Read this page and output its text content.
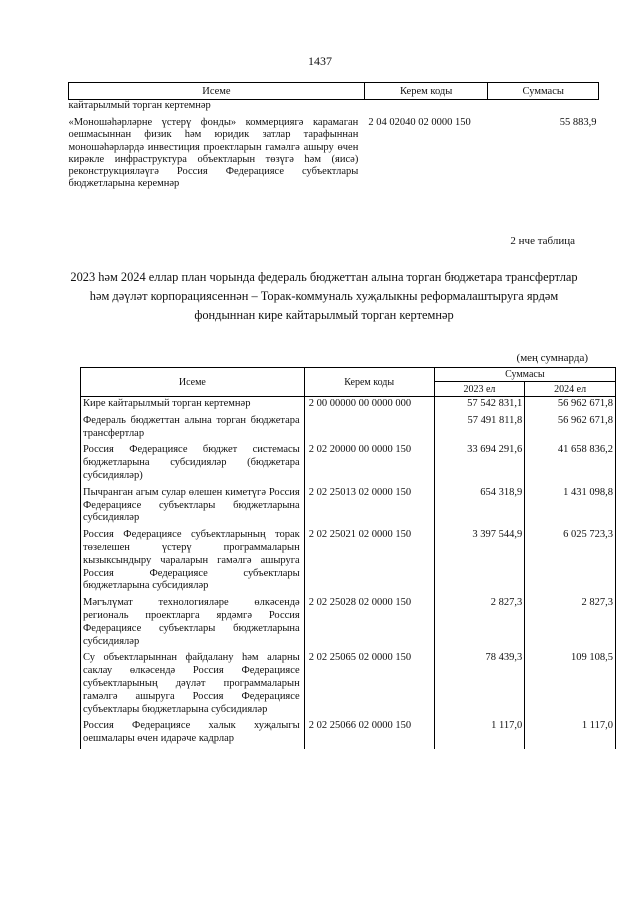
1437
Исеме	Керем коды	Суммасы
кайтарылмый торган кертемнәр		
«Моношәһәрләрне үстерү фонды» коммерциягә карамаган оешмасыннан физик һәм юридик затлар тарафыннан моношәһәрләрдә инвестиция проектларын гамәлгә ашыру өчен кирәкле инфраструктура объектларын төзүгә һәм (яисә) реконструкцияләүгә Россия Федерациясе субъектлары бюджетларына керемнәр	2 04 02040 02 0000 150	55 883,9
2 нче таблица
2023 һәм 2024 еллар план чорында федераль бюджеттан алына торган бюджетара трансфертлар һәм дәүләт корпорациясеннән – Торак-коммуналь хуҗалыкны реформалаштыруга ярдәм фондыннан кире кайтарылмый торган кертемнәр
(мең сумнарда)
Исеме	Керем коды	Суммасы	
		2023 ел	2024 ел
Кире кайтарылмый торган кертемнәр	2 00 00000 00 0000 000	57 542 831,1	56 962 671,8
Федераль бюджеттан алына торган бюджетара трансфертлар		57 491 811,8	56 962 671,8
Россия Федерациясе бюджет системасы бюджетларына субсидияләр (бюджетара субсидияләр)	2 02 20000 00 0000 150	33 694 291,6	41 658 836,2
Пычранган агым сулар өлешен киметүгә Россия Федерациясе субъектлары бюджетларына субсидияләр	2 02 25013 02 0000 150	654 318,9	1 431 098,8
Россия Федерациясе субъектларының торак төзелешен үстерү программаларын кызыксындыру чараларын гамәлгә ашыруга Россия Федерациясе субъектлары бюджетларына субсидияләр	2 02 25021 02 0000 150	3 397 544,9	6 025 723,3
Мәгълүмат технологияләре өлкәсендә региональ проектларга ярдәмгә Россия Федерациясе субъектлары бюджетларына субсидияләр	2 02 25028 02 0000 150	2 827,3	2 827,3
Су объектларыннан файдалану һәм аларны саклау өлкәсендә Россия Федерациясе субъектларының дәүләт программаларын гамәлгә ашыруга Россия Федерациясе субъектлары бюджетларына субсидияләр	2 02 25065 02 0000 150	78 439,3	109 108,5
Россия Федерациясе халык хуҗалыгы оешмалары өчен идарәче кадрлар	2 02 25066 02 0000 150	1 117,0	1 117,0
